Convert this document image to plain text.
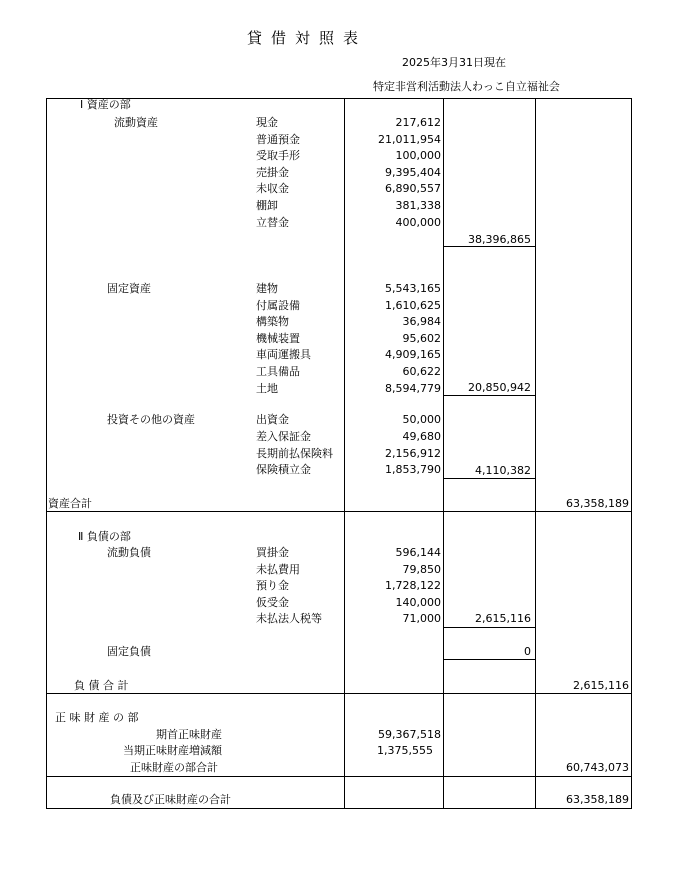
貸借対照表
2025年3月31日現在
特定非営利活動法人わっこ自立福祉会
Ⅰ 資産の部
流動資産	現金	217,612
普通預金	21,011,954
受取手形	100,000
売掛金	9,395,404
未収金	6,890,557
棚卸	381,338
立替金	400,000
38,396,865
固定資産	建物	5,543,165
付属設備	1,610,625
構築物	36,984
機械装置	95,602
車両運搬具	4,909,165
工具備品	60,622
土地	8,594,779	20,850,942
投資その他の資産	出資金	50,000
差入保証金	49,680
長期前払保険料	2,156,912
保険積立金	1,853,790	4,110,382
資産合計	63,358,189
Ⅱ 負債の部
流動負債	買掛金	596,144
未払費用	79,850
預り金	1,728,122
仮受金	140,000
未払法人税等	71,000	2,615,116
固定負債	0
負 債 合 計	2,615,116
正 味 財 産 の 部
期首正味財産	59,367,518
当期正味財産増減額	1,375,555
正味財産の部合計	60,743,073
負債及び正味財産の合計	63,358,189
